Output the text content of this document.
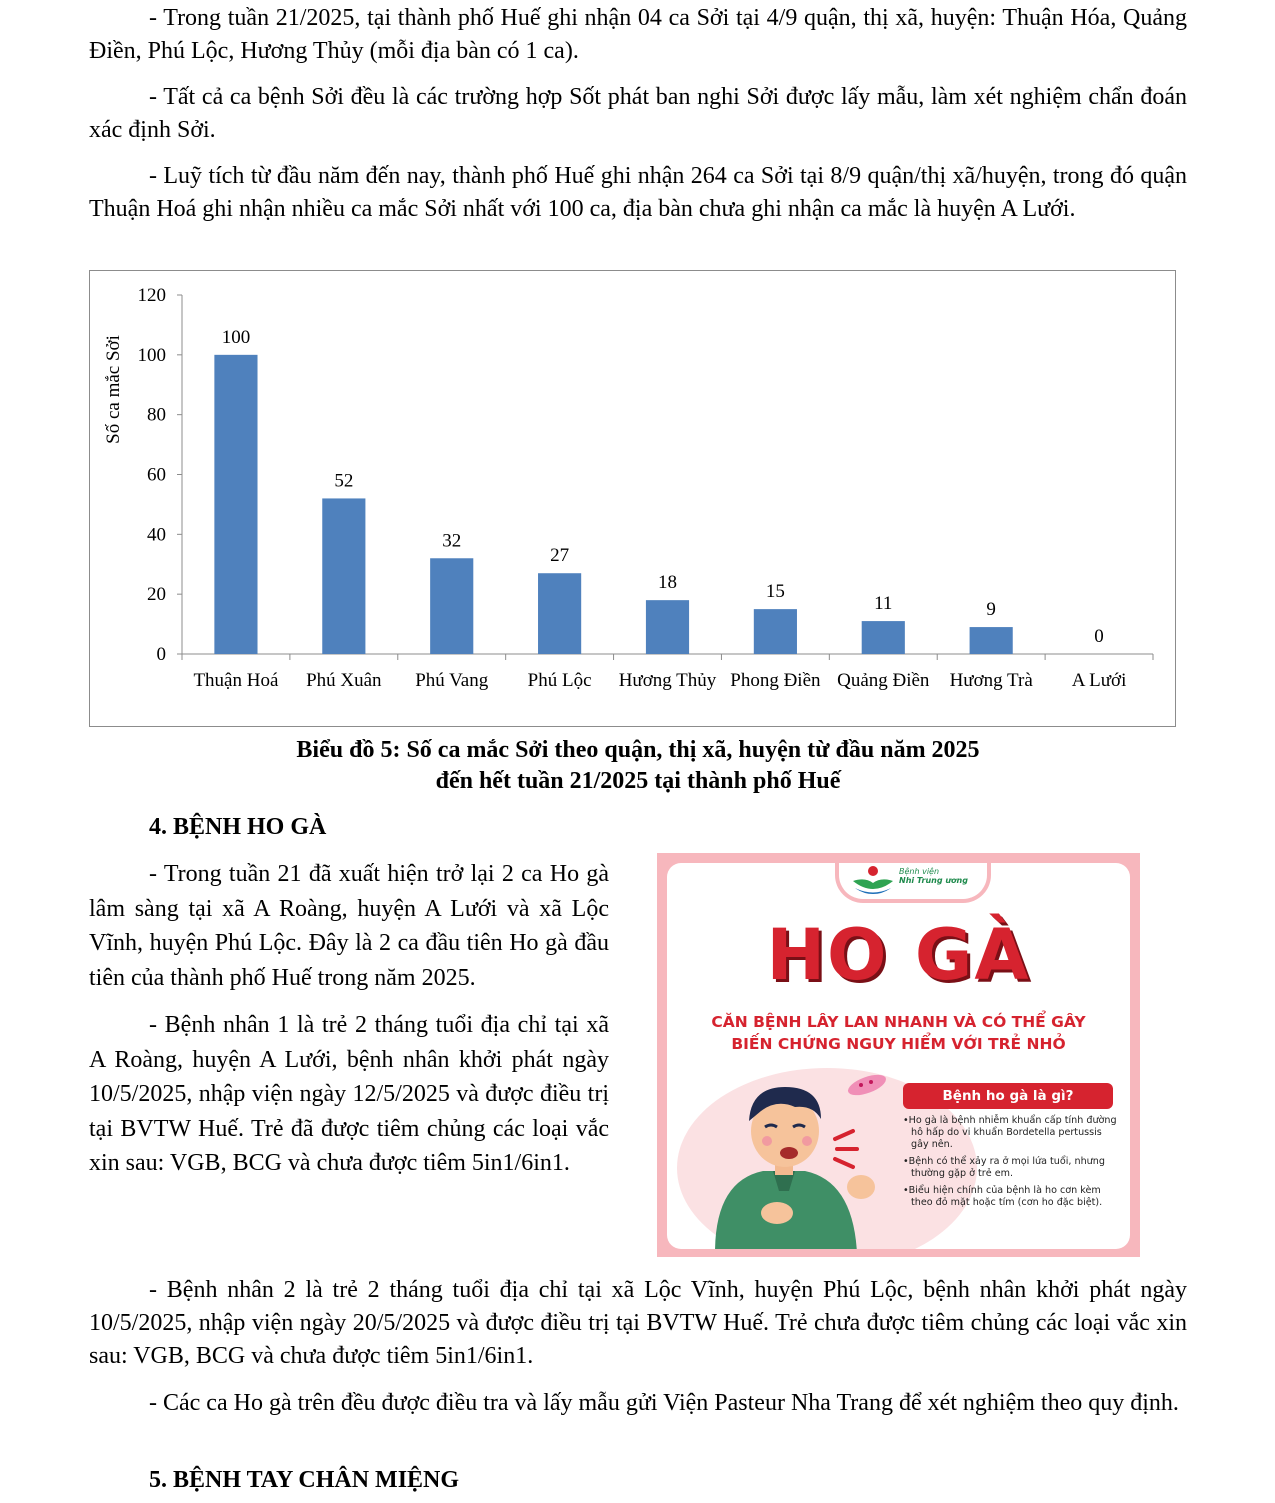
- Trong tuần 21/2025, tại thành phố Huế ghi nhận 04 ca Sởi tại 4/9 quận, thị xã, huyện: Thuận Hóa, Quảng Điền, Phú Lộc, Hương Thủy (mỗi địa bàn có 1 ca).

- Tất cả ca bệnh Sởi đều là các trường hợp Sốt phát ban nghi Sởi được lấy mẫu, làm xét nghiệm chẩn đoán xác định Sởi.

- Luỹ tích từ đầu năm đến nay, thành phố Huế ghi nhận 264 ca Sởi tại 8/9 quận/thị xã/huyện, trong đó quận Thuận Hoá ghi nhận nhiều ca mắc Sởi nhất với 100 ca, địa bàn chưa ghi nhận ca mắc là huyện A Lưới.

0
20
40
60
80
100
120
100
Thuận Hoá
52
Phú Xuân
32
Phú Vang
27
Phú Lộc
18
Hương Thủy
15
Phong Điền
11
Quảng Điền
9
Hương Trà
0
A Lưới
Số ca mắc Sởi
Biểu đồ 5: Số ca mắc Sởi theo quận, thị xã, huyện từ đầu năm 2025
đến hết tuần 21/2025 tại thành phố Huế
4. BỆNH HO GÀ

- Trong tuần 21 đã xuất hiện trở lại 2 ca Ho gà lâm sàng tại xã A Roàng, huyện A Lưới và xã Lộc Vĩnh, huyện Phú Lộc. Đây là 2 ca đầu tiên Ho gà đầu tiên của thành phố Huế trong năm 2025.

- Bệnh nhân 1 là trẻ 2 tháng tuổi địa chỉ tại xã A Roàng, huyện A Lưới, bệnh nhân khởi phát ngày 10/5/2025, nhập viện ngày 12/5/2025 và được điều trị tại BVTW Huế. Trẻ đã được tiêm chủng các loại vắc xin sau: VGB, BCG và chưa được tiêm 5in1/6in1.

Bệnh viện
Nhi Trung ương
HO GÀ
CĂN BỆNH LÂY LAN NHANH VÀ CÓ THỂ GÂY
BIẾN CHỨNG NGUY HIỂM VỚI TRẺ NHỎ
Bệnh ho gà là gì?
•Ho gà là bệnh nhiễm khuẩn cấp tính đường hô hấp do vi khuẩn Bordetella pertussis gây nên.
•Bệnh có thể xảy ra ở mọi lứa tuổi, nhưng thường gặp ở trẻ em.
•Biểu hiện chính của bệnh là ho cơn kèm theo đỏ mặt hoặc tím (cơn ho đặc biệt).

- Bệnh nhân 2 là trẻ 2 tháng tuổi địa chỉ tại xã Lộc Vĩnh, huyện Phú Lộc, bệnh nhân khởi phát ngày 10/5/2025, nhập viện ngày 20/5/2025 và được điều trị tại BVTW Huế. Trẻ chưa được tiêm chủng các loại vắc xin sau: VGB, BCG và chưa được tiêm 5in1/6in1.

- Các ca Ho gà trên đều được điều tra và lấy mẫu gửi Viện Pasteur Nha Trang để xét nghiệm theo quy định.

5. BỆNH TAY CHÂN MIỆNG
